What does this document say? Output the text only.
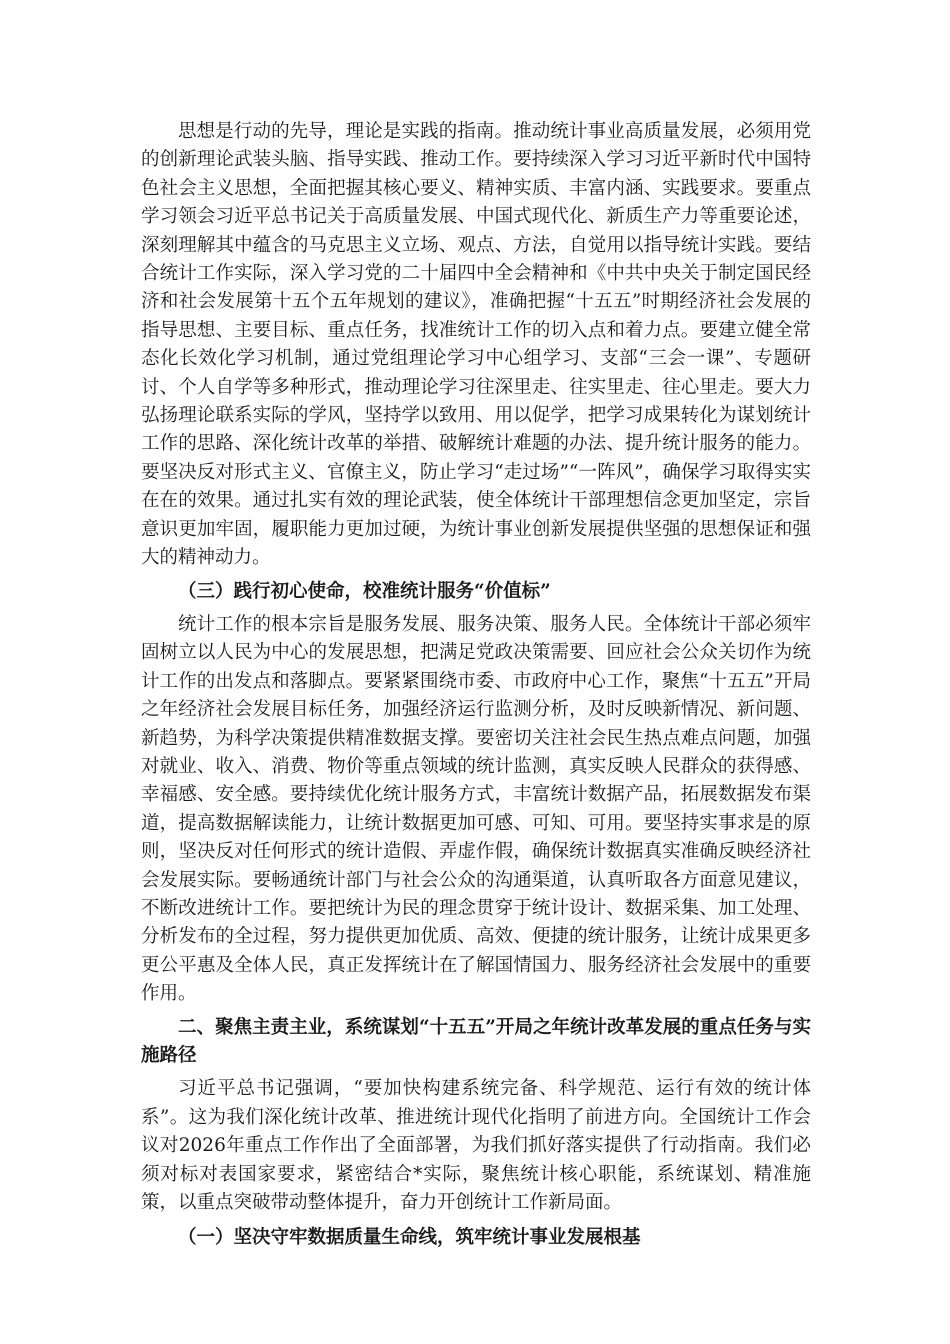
思想是行动的先导，理论是实践的指南。推动统计事业高质量发展，必须用党的创新理论武装头脑、指导实践、推动工作。要持续深入学习习近平新时代中国特色社会主义思想，全面把握其核心要义、精神实质、丰富内涵、实践要求。要重点学习领会习近平总书记关于高质量发展、中国式现代化、新质生产力等重要论述，深刻理解其中蕴含的马克思主义立场、观点、方法，自觉用以指导统计实践。要结合统计工作实际，深入学习党的二十届四中全会精神和《中共中央关于制定国民经济和社会发展第十五个五年规划的建议》，准确把握“十五五”时期经济社会发展的指导思想、主要目标、重点任务，找准统计工作的切入点和着力点。要建立健全常态化长效化学习机制，通过党组理论学习中心组学习、支部“三会一课”、专题研讨、个人自学等多种形式，推动理论学习往深里走、往实里走、往心里走。要大力弘扬理论联系实际的学风，坚持学以致用、用以促学，把学习成果转化为谋划统计工作的思路、深化统计改革的举措、破解统计难题的办法、提升统计服务的能力。要坚决反对形式主义、官僚主义，防止学习“走过场”“一阵风”，确保学习取得实实在在的效果。通过扎实有效的理论武装，使全体统计干部理想信念更加坚定，宗旨意识更加牢固，履职能力更加过硬，为统计事业创新发展提供坚强的思想保证和强大的精神动力。

（三）践行初心使命，校准统计服务“价值标”

统计工作的根本宗旨是服务发展、服务决策、服务人民。全体统计干部必须牢固树立以人民为中心的发展思想，把满足党政决策需要、回应社会公众关切作为统计工作的出发点和落脚点。要紧紧围绕市委、市政府中心工作，聚焦“十五五”开局之年经济社会发展目标任务，加强经济运行监测分析，及时反映新情况、新问题、新趋势，为科学决策提供精准数据支撑。要密切关注社会民生热点难点问题，加强对就业、收入、消费、物价等重点领域的统计监测，真实反映人民群众的获得感、幸福感、安全感。要持续优化统计服务方式，丰富统计数据产品，拓展数据发布渠道，提高数据解读能力，让统计数据更加可感、可知、可用。要坚持实事求是的原则，坚决反对任何形式的统计造假、弄虚作假，确保统计数据真实准确反映经济社会发展实际。要畅通统计部门与社会公众的沟通渠道，认真听取各方面意见建议，不断改进统计工作。要把统计为民的理念贯穿于统计设计、数据采集、加工处理、分析发布的全过程，努力提供更加优质、高效、便捷的统计服务，让统计成果更多更公平惠及全体人民，真正发挥统计在了解国情国力、服务经济社会发展中的重要作用。

二、聚焦主责主业，系统谋划“十五五”开局之年统计改革发展的重点任务与实施路径

习近平总书记强调，“要加快构建系统完备、科学规范、运行有效的统计体系”。这为我们深化统计改革、推进统计现代化指明了前进方向。全国统计工作会议对2026年重点工作作出了全面部署，为我们抓好落实提供了行动指南。我们必须对标对表国家要求，紧密结合*实际，聚焦统计核心职能，系统谋划、精准施策，以重点突破带动整体提升，奋力开创统计工作新局面。

（一）坚决守牢数据质量生命线，筑牢统计事业发展根基
